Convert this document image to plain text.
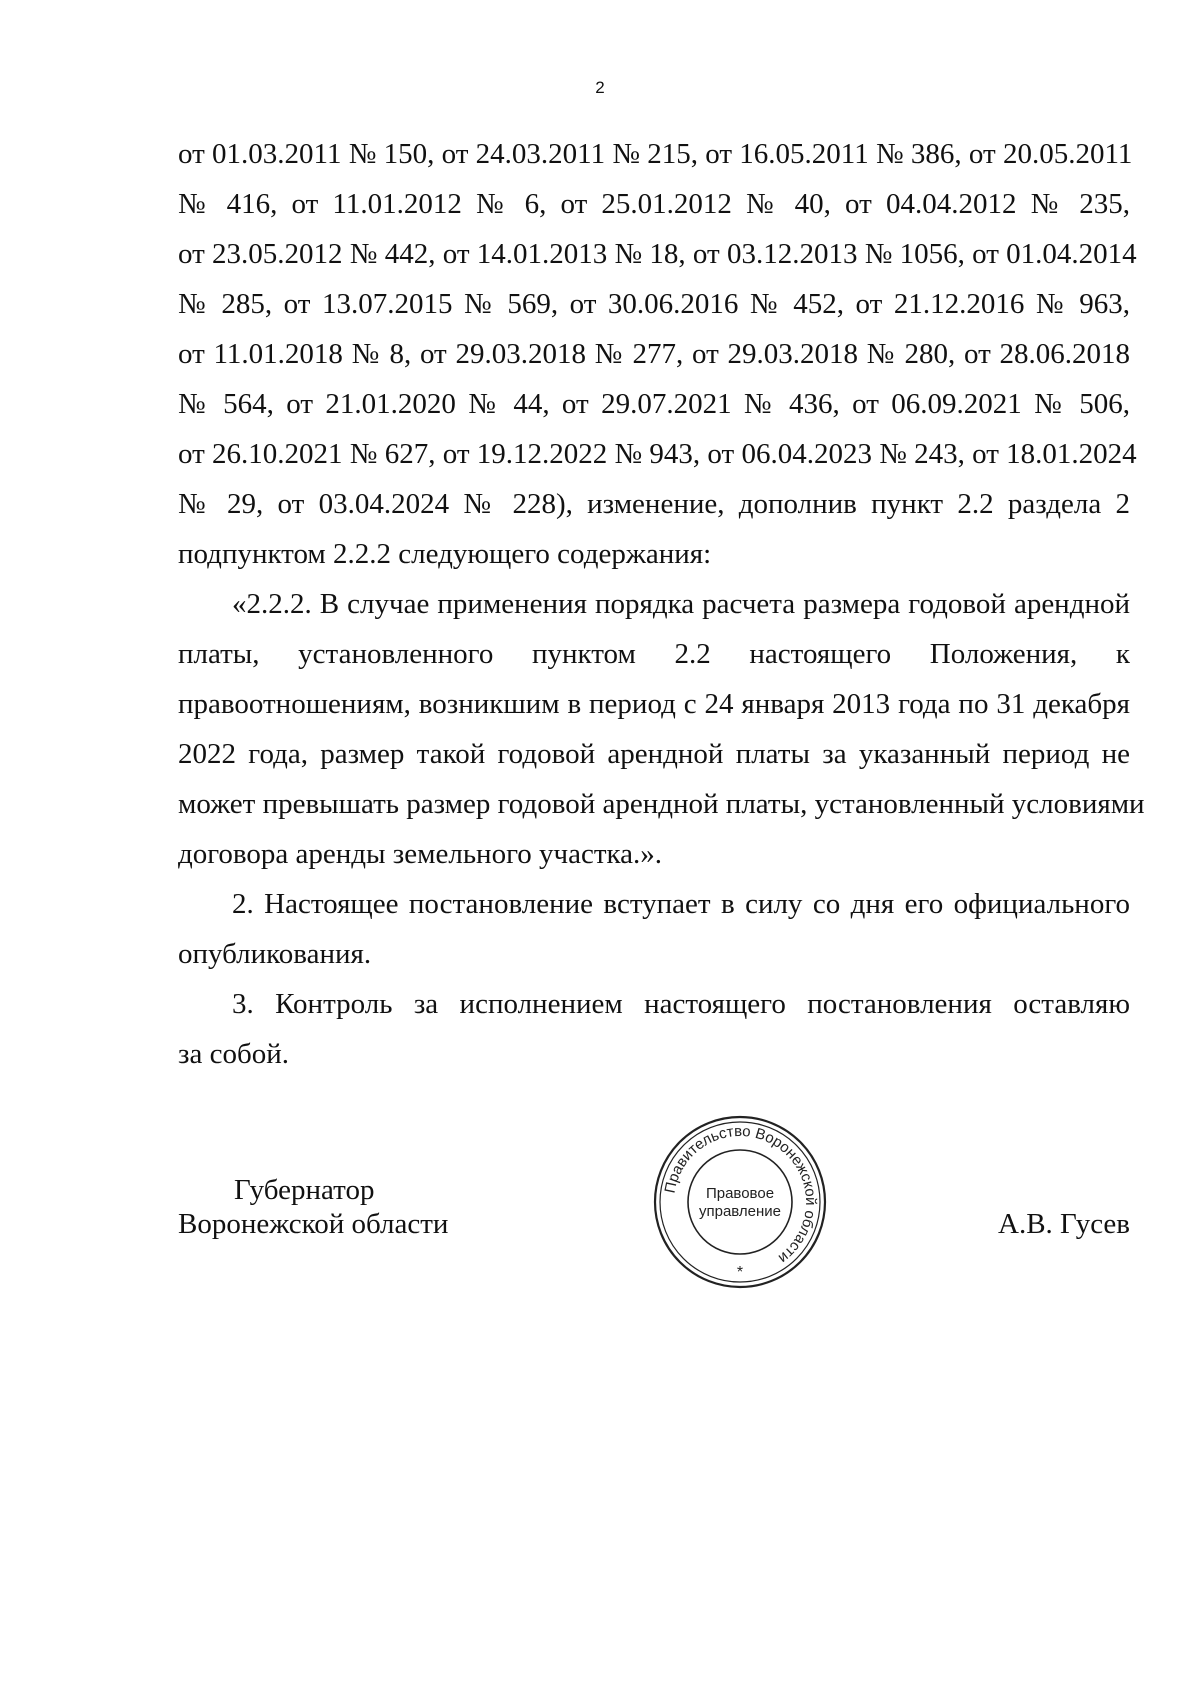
2
от 01.03.2011 № 150, от 24.03.2011 № 215, от 16.05.2011 № 386, от 20.05.2011
№ 416, от 11.01.2012 № 6, от 25.01.2012 № 40, от 04.04.2012 № 235,
от 23.05.2012 № 442, от 14.01.2013 № 18, от 03.12.2013 № 1056, от 01.04.2014
№ 285, от 13.07.2015 № 569, от 30.06.2016 № 452, от 21.12.2016 № 963,
от 11.01.2018 № 8, от 29.03.2018 № 277, от 29.03.2018 № 280, от 28.06.2018
№ 564, от 21.01.2020 № 44, от 29.07.2021 № 436, от 06.09.2021 № 506,
от 26.10.2021 № 627, от 19.12.2022 № 943, от 06.04.2023 № 243, от 18.01.2024
№ 29, от 03.04.2024 № 228), изменение, дополнив пункт 2.2 раздела 2
подпунктом 2.2.2 следующего содержания:
«2.2.2. В случае применения порядка расчета размера годовой арендной
платы, установленного пунктом 2.2 настоящего Положения, к
правоотношениям, возникшим в период с 24 января 2013 года по 31 декабря
2022 года, размер такой годовой арендной платы за указанный период не
может превышать размер годовой арендной платы, установленный условиями
договора аренды земельного участка.».
2. Настоящее постановление вступает в силу со дня его официального
опубликования.
3. Контроль за исполнением настоящего постановления оставляю
за собой.
Губернатор
Воронежской области	А.В. Гусев
Правительство Воронежской области
Правовое
управление
*
